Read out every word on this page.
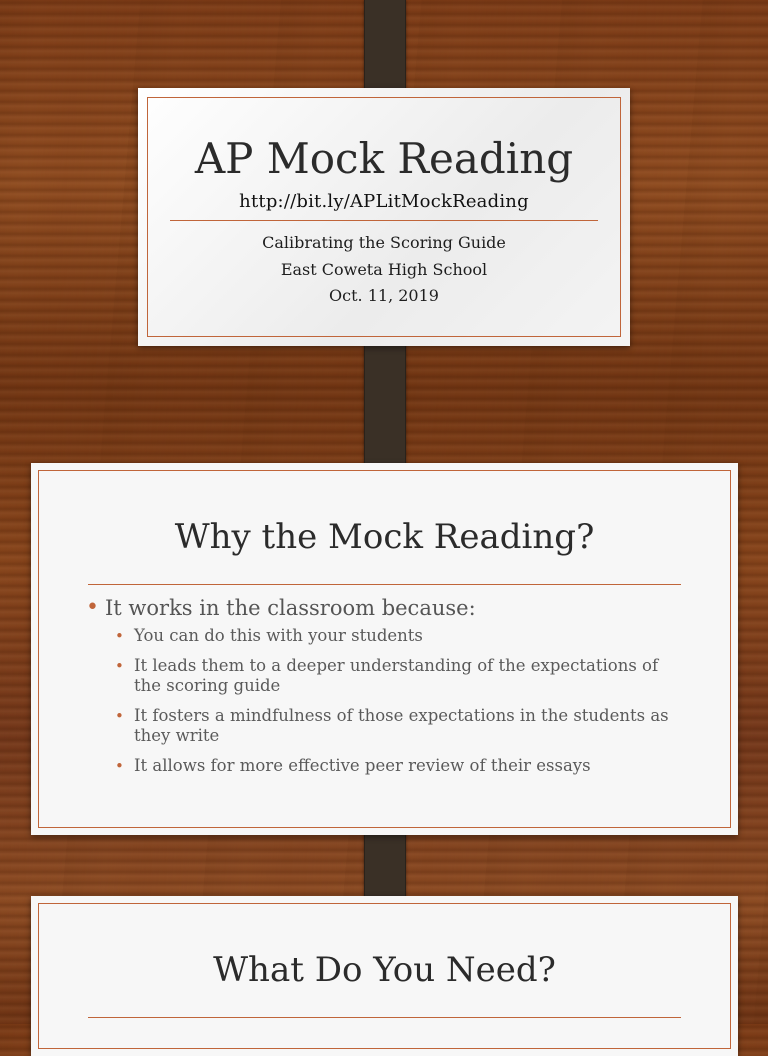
AP Mock Reading
http://bit.ly/APLitMockReading
Calibrating the Scoring Guide
East Coweta High School
Oct. 11, 2019
Why the Mock Reading?
• It works in the classroom because:
• You can do this with your students
• It leads them to a deeper understanding of the expectations of the scoring guide
• It fosters a mindfulness of those expectations in the students as they write
• It allows for more effective peer review of their essays
What Do You Need?
